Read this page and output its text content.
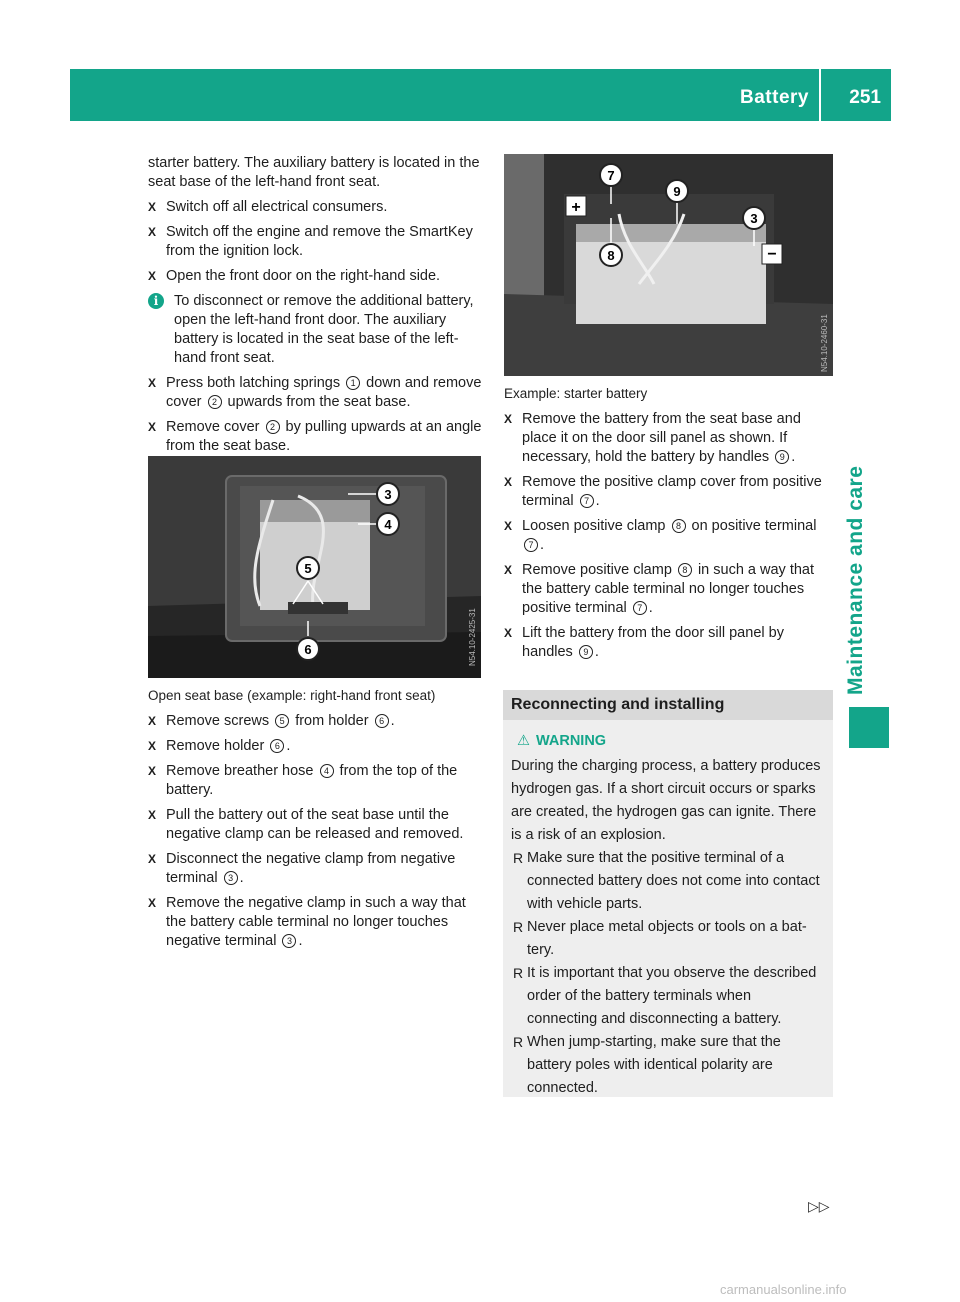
Battery	251
Maintenance and care

starter battery. The auxiliary battery is located in the seat base of the left-hand front seat.

X Switch off all electrical consumers.
X Switch off the engine and remove the SmartKey from the ignition lock.
X Open the front door on the right-hand side.
i	To disconnect or remove the additional battery, open the left-hand front door. The auxiliary battery is located in the seat base of the left-hand front seat.
X Press both latching springs 1 down and remove cover 2 upwards from the seat base.
X Remove cover 2 by pulling upwards at an angle from the seat base.
N54.10-2425-31
3
4
5
6
Open seat base (example: right-hand front seat)
X Remove screws 5 from holder 6 .
X Remove holder 6 .
X Remove breather hose 4 from the top of the battery.
X Pull the battery out of the seat base until the negative clamp can be released and removed.
X Disconnect the negative clamp from negative terminal 3 .
X Remove the negative clamp in such a way that the battery cable terminal no longer touches negative terminal 3 .
+
−
N54.10-2460-31
7
8
9
3
Example: starter battery
X Remove the battery from the seat base and place it on the door sill panel as shown. If necessary, hold the battery by handles 9 .
X Remove the positive clamp cover from positive terminal 7 .
X Loosen positive clamp 8 on positive terminal 7 .
X Remove positive clamp 8 in such a way that the battery cable terminal no longer touches positive terminal 7 .
X Lift the battery from the door sill panel by handles 9 .
Reconnecting and installing
⚠ WARNING
During the charging process, a battery produces hydrogen gas. If a short circuit occurs or sparks are created, the hydrogen gas can ignite. There is a risk of an explosion.
R Make sure that the positive terminal of a connected battery does not come into contact with vehicle parts.
R Never place metal objects or tools on a battery.
R It is important that you observe the described order of the battery terminals when connecting and disconnecting a battery.
R When jump-starting, make sure that the battery poles with identical polarity are connected.
▷▷
carmanualsonline.info
